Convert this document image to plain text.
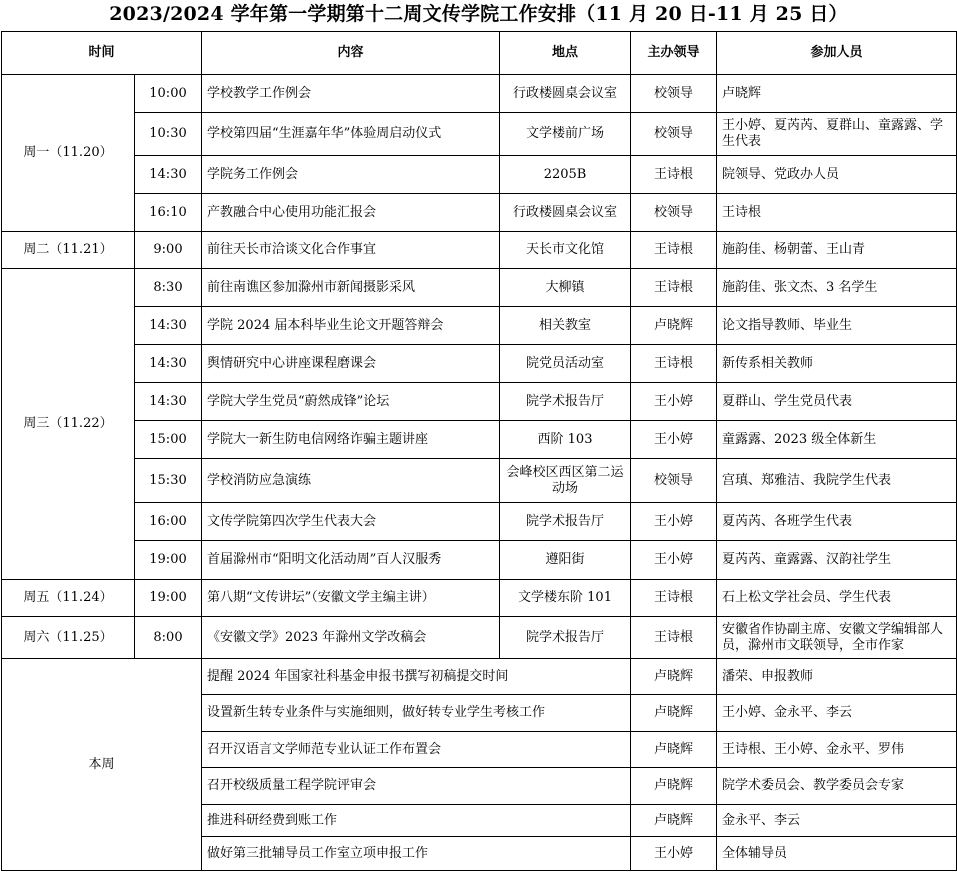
2023/2024 学年第一学期第十二周文传学院工作安排（11 月 20 日-11 月 25 日）
时间		内容	地点	主办领导	参加人员
周一（11.20）	10:00	学校教学工作例会	行政楼圆桌会议室	校领导	卢晓辉
	10:30	学校第四届“生涯嘉年华”体验周启动仪式	文学楼前广场	校领导	王小婷、夏芮芮、夏群山、童露露、学生代表
	14:30	学院务工作例会	2205B	王诗根	院领导、党政办人员
	16:10	产教融合中心使用功能汇报会	行政楼圆桌会议室	校领导	王诗根
周二（11.21）	9:00	前往天长市洽谈文化合作事宜	天长市文化馆	王诗根	施韵佳、杨朝蕾、王山青
周三（11.22）	8:30	前往南谯区参加滁州市新闻摄影采风	大柳镇	王诗根	施韵佳、张文杰、3 名学生
	14:30	学院 2024 届本科毕业生论文开题答辩会	相关教室	卢晓辉	论文指导教师、毕业生
	14:30	舆情研究中心讲座课程磨课会	院党员活动室	王诗根	新传系相关教师
	14:30	学院大学生党员“蔚然成锋”论坛	院学术报告厅	王小婷	夏群山、学生党员代表
	15:00	学院大一新生防电信网络诈骗主题讲座	西阶 103	王小婷	童露露、2023 级全体新生
	15:30	学校消防应急演练	会峰校区西区第二运动场	校领导	宫瑱、郑雅洁、我院学生代表
	16:00	文传学院第四次学生代表大会	院学术报告厅	王小婷	夏芮芮、各班学生代表
	19:00	首届滁州市“阳明文化活动周”百人汉服秀	遵阳街	王小婷	夏芮芮、童露露、汉韵社学生
周五（11.24）	19:00	第八期“文传讲坛”（安徽文学主编主讲）	文学楼东阶 101	王诗根	石上松文学社会员、学生代表
周六（11.25）	8:00	《安徽文学》2023 年滁州文学改稿会	院学术报告厅	王诗根	安徽省作协副主席、安徽文学编辑部人员，滁州市文联领导，全市作家
本周		提醒 2024 年国家社科基金申报书撰写初稿提交时间		卢晓辉	潘荣、申报教师
		设置新生转专业条件与实施细则，做好转专业学生考核工作		卢晓辉	王小婷、金永平、李云
		召开汉语言文学师范专业认证工作布置会		卢晓辉	王诗根、王小婷、金永平、罗伟
		召开校级质量工程学院评审会		卢晓辉	院学术委员会、教学委员会专家
		推进科研经费到账工作		卢晓辉	金永平、李云
		做好第三批辅导员工作室立项申报工作		王小婷	全体辅导员
